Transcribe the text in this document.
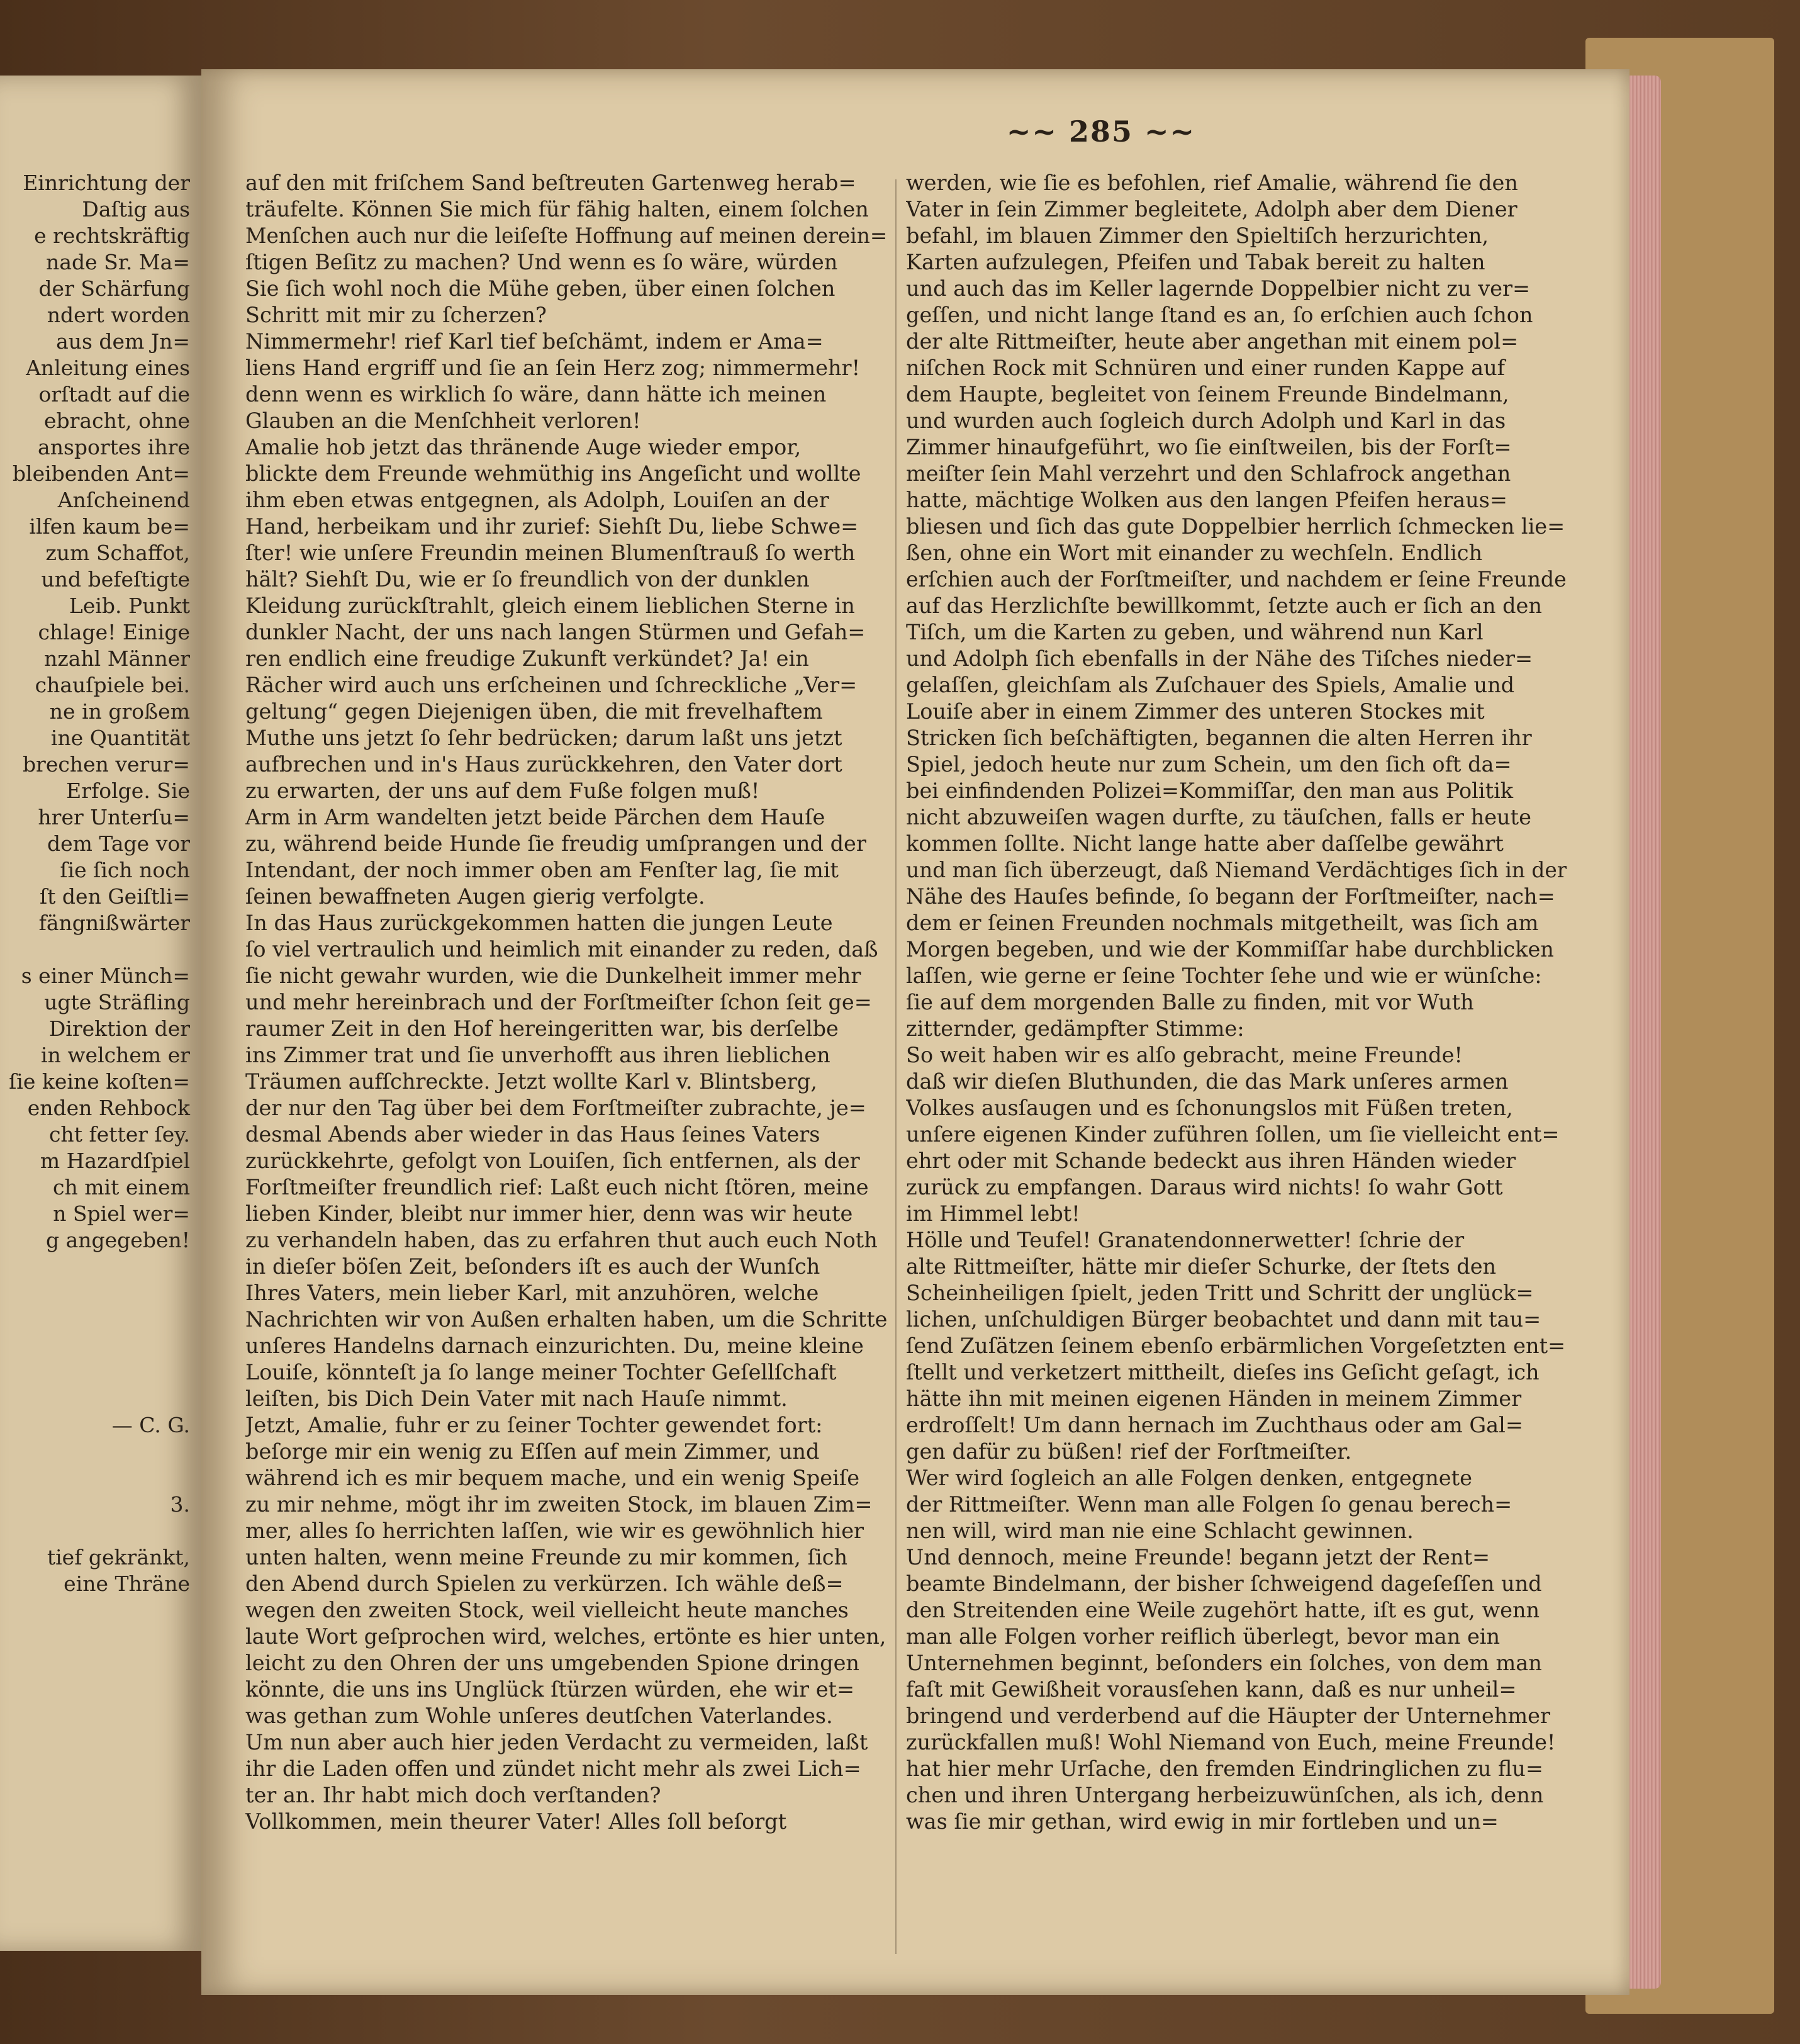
Einrichtung der
Daſtig aus
e rechtskräftig
nade Sr. Ma=
der Schärfung
ndert worden
aus dem Jn=
Anleitung eines
orſtadt auf die
ebracht, ohne
ansportes ihre
bleibenden Ant=
Anſcheinend
ilfen kaum be=
zum Schaffot,
und befeſtigte
Leib. Punkt
chlage! Einige
nzahl Männer
chauſpiele bei.
ne in großem
ine Quantität
brechen verur=
Erfolge. Sie
hrer Unterſu=
dem Tage vor
ſie ſich noch
ſt den Geiſtli=
fängnißwärter
s einer Münch=
ugte Sträfling
Direktion der
in welchem er
ſie keine koſten=
enden Rehbock
cht fetter ſey.
m Hazardſpiel
ch mit einem
n Spiel wer=
g angegeben!
— C. G.
3.
tief gekränkt,
eine Thräne
~~ 285 ~~
auf den mit friſchem Sand beſtreuten Gartenweg herab=
träufelte. Können Sie mich für fähig halten, einem ſolchen
Menſchen auch nur die leiſeſte Hoffnung auf meinen derein=
ſtigen Beſitz zu machen? Und wenn es ſo wäre, würden
Sie ſich wohl noch die Mühe geben, über einen ſolchen
Schritt mit mir zu ſcherzen?
Nimmermehr! rief Karl tief beſchämt, indem er Ama=
liens Hand ergriff und ſie an ſein Herz zog; nimmermehr!
denn wenn es wirklich ſo wäre, dann hätte ich meinen
Glauben an die Menſchheit verloren!
Amalie hob jetzt das thränende Auge wieder empor,
blickte dem Freunde wehmüthig ins Angeſicht und wollte
ihm eben etwas entgegnen, als Adolph, Louiſen an der
Hand, herbeikam und ihr zurief: Siehſt Du, liebe Schwe=
ſter! wie unſere Freundin meinen Blumenſtrauß ſo werth
hält? Siehſt Du, wie er ſo freundlich von der dunklen
Kleidung zurückſtrahlt, gleich einem lieblichen Sterne in
dunkler Nacht, der uns nach langen Stürmen und Gefah=
ren endlich eine freudige Zukunft verkündet? Ja! ein
Rächer wird auch uns erſcheinen und ſchreckliche „Ver=
geltung“ gegen Diejenigen üben, die mit frevelhaftem
Muthe uns jetzt ſo ſehr bedrücken; darum laßt uns jetzt
aufbrechen und in's Haus zurückkehren, den Vater dort
zu erwarten, der uns auf dem Fuße folgen muß!
Arm in Arm wandelten jetzt beide Pärchen dem Hauſe
zu, während beide Hunde ſie freudig umſprangen und der
Intendant, der noch immer oben am Fenſter lag, ſie mit
ſeinen bewaffneten Augen gierig verfolgte.
In das Haus zurückgekommen hatten die jungen Leute
ſo viel vertraulich und heimlich mit einander zu reden, daß
ſie nicht gewahr wurden, wie die Dunkelheit immer mehr
und mehr hereinbrach und der Forſtmeiſter ſchon ſeit ge=
raumer Zeit in den Hof hereingeritten war, bis derſelbe
ins Zimmer trat und ſie unverhofft aus ihren lieblichen
Träumen aufſchreckte. Jetzt wollte Karl v. Blintsberg,
der nur den Tag über bei dem Forſtmeiſter zubrachte, je=
desmal Abends aber wieder in das Haus ſeines Vaters
zurückkehrte, gefolgt von Louiſen, ſich entfernen, als der
Forſtmeiſter freundlich rief: Laßt euch nicht ſtören, meine
lieben Kinder, bleibt nur immer hier, denn was wir heute
zu verhandeln haben, das zu erfahren thut auch euch Noth
in dieſer böſen Zeit, beſonders iſt es auch der Wunſch
Ihres Vaters, mein lieber Karl, mit anzuhören, welche
Nachrichten wir von Außen erhalten haben, um die Schritte
unſeres Handelns darnach einzurichten. Du, meine kleine
Louiſe, könnteſt ja ſo lange meiner Tochter Geſellſchaft
leiſten, bis Dich Dein Vater mit nach Hauſe nimmt.
Jetzt, Amalie, fuhr er zu ſeiner Tochter gewendet fort:
beſorge mir ein wenig zu Eſſen auf mein Zimmer, und
während ich es mir bequem mache, und ein wenig Speiſe
zu mir nehme, mögt ihr im zweiten Stock, im blauen Zim=
mer, alles ſo herrichten laſſen, wie wir es gewöhnlich hier
unten halten, wenn meine Freunde zu mir kommen, ſich
den Abend durch Spielen zu verkürzen. Ich wähle deß=
wegen den zweiten Stock, weil vielleicht heute manches
laute Wort geſprochen wird, welches, ertönte es hier unten,
leicht zu den Ohren der uns umgebenden Spione dringen
könnte, die uns ins Unglück ſtürzen würden, ehe wir et=
was gethan zum Wohle unſeres deutſchen Vaterlandes.
Um nun aber auch hier jeden Verdacht zu vermeiden, laßt
ihr die Laden offen und zündet nicht mehr als zwei Lich=
ter an. Ihr habt mich doch verſtanden?
Vollkommen, mein theurer Vater! Alles ſoll beſorgt
werden, wie ſie es befohlen, rief Amalie, während ſie den
Vater in ſein Zimmer begleitete, Adolph aber dem Diener
befahl, im blauen Zimmer den Spieltiſch herzurichten,
Karten aufzulegen, Pfeifen und Tabak bereit zu halten
und auch das im Keller lagernde Doppelbier nicht zu ver=
geſſen, und nicht lange ſtand es an, ſo erſchien auch ſchon
der alte Rittmeiſter, heute aber angethan mit einem pol=
niſchen Rock mit Schnüren und einer runden Kappe auf
dem Haupte, begleitet von ſeinem Freunde Bindelmann,
und wurden auch ſogleich durch Adolph und Karl in das
Zimmer hinaufgeführt, wo ſie einſtweilen, bis der Forſt=
meiſter ſein Mahl verzehrt und den Schlafrock angethan
hatte, mächtige Wolken aus den langen Pfeifen heraus=
bliesen und ſich das gute Doppelbier herrlich ſchmecken lie=
ßen, ohne ein Wort mit einander zu wechſeln. Endlich
erſchien auch der Forſtmeiſter, und nachdem er ſeine Freunde
auf das Herzlichſte bewillkommt, ſetzte auch er ſich an den
Tiſch, um die Karten zu geben, und während nun Karl
und Adolph ſich ebenfalls in der Nähe des Tiſches nieder=
gelaſſen, gleichſam als Zuſchauer des Spiels, Amalie und
Louiſe aber in einem Zimmer des unteren Stockes mit
Stricken ſich beſchäftigten, begannen die alten Herren ihr
Spiel, jedoch heute nur zum Schein, um den ſich oft da=
bei einfindenden Polizei=Kommiſſar, den man aus Politik
nicht abzuweiſen wagen durfte, zu täuſchen, falls er heute
kommen ſollte. Nicht lange hatte aber daſſelbe gewährt
und man ſich überzeugt, daß Niemand Verdächtiges ſich in der
Nähe des Hauſes befinde, ſo begann der Forſtmeiſter, nach=
dem er ſeinen Freunden nochmals mitgetheilt, was ſich am
Morgen begeben, und wie der Kommiſſar habe durchblicken
laſſen, wie gerne er ſeine Tochter ſehe und wie er wünſche:
ſie auf dem morgenden Balle zu finden, mit vor Wuth
zitternder, gedämpfter Stimme:
So weit haben wir es alſo gebracht, meine Freunde!
daß wir dieſen Bluthunden, die das Mark unſeres armen
Volkes ausſaugen und es ſchonungslos mit Füßen treten,
unſere eigenen Kinder zuführen ſollen, um ſie vielleicht ent=
ehrt oder mit Schande bedeckt aus ihren Händen wieder
zurück zu empfangen. Daraus wird nichts! ſo wahr Gott
im Himmel lebt!
Hölle und Teufel! Granatendonnerwetter! ſchrie der
alte Rittmeiſter, hätte mir dieſer Schurke, der ſtets den
Scheinheiligen ſpielt, jeden Tritt und Schritt der unglück=
lichen, unſchuldigen Bürger beobachtet und dann mit tau=
ſend Zuſätzen ſeinem ebenſo erbärmlichen Vorgeſetzten ent=
ſtellt und verketzert mittheilt, dieſes ins Geſicht geſagt, ich
hätte ihn mit meinen eigenen Händen in meinem Zimmer
erdroſſelt! Um dann hernach im Zuchthaus oder am Gal=
gen dafür zu büßen! rief der Forſtmeiſter.
Wer wird ſogleich an alle Folgen denken, entgegnete
der Rittmeiſter. Wenn man alle Folgen ſo genau berech=
nen will, wird man nie eine Schlacht gewinnen.
Und dennoch, meine Freunde! begann jetzt der Rent=
beamte Bindelmann, der bisher ſchweigend dageſeſſen und
den Streitenden eine Weile zugehört hatte, iſt es gut, wenn
man alle Folgen vorher reiflich überlegt, bevor man ein
Unternehmen beginnt, beſonders ein ſolches, von dem man
faſt mit Gewißheit vorausſehen kann, daß es nur unheil=
bringend und verderbend auf die Häupter der Unternehmer
zurückfallen muß! Wohl Niemand von Euch, meine Freunde!
hat hier mehr Urſache, den fremden Eindringlichen zu flu=
chen und ihren Untergang herbeizuwünſchen, als ich, denn
was ſie mir gethan, wird ewig in mir fortleben und un=
